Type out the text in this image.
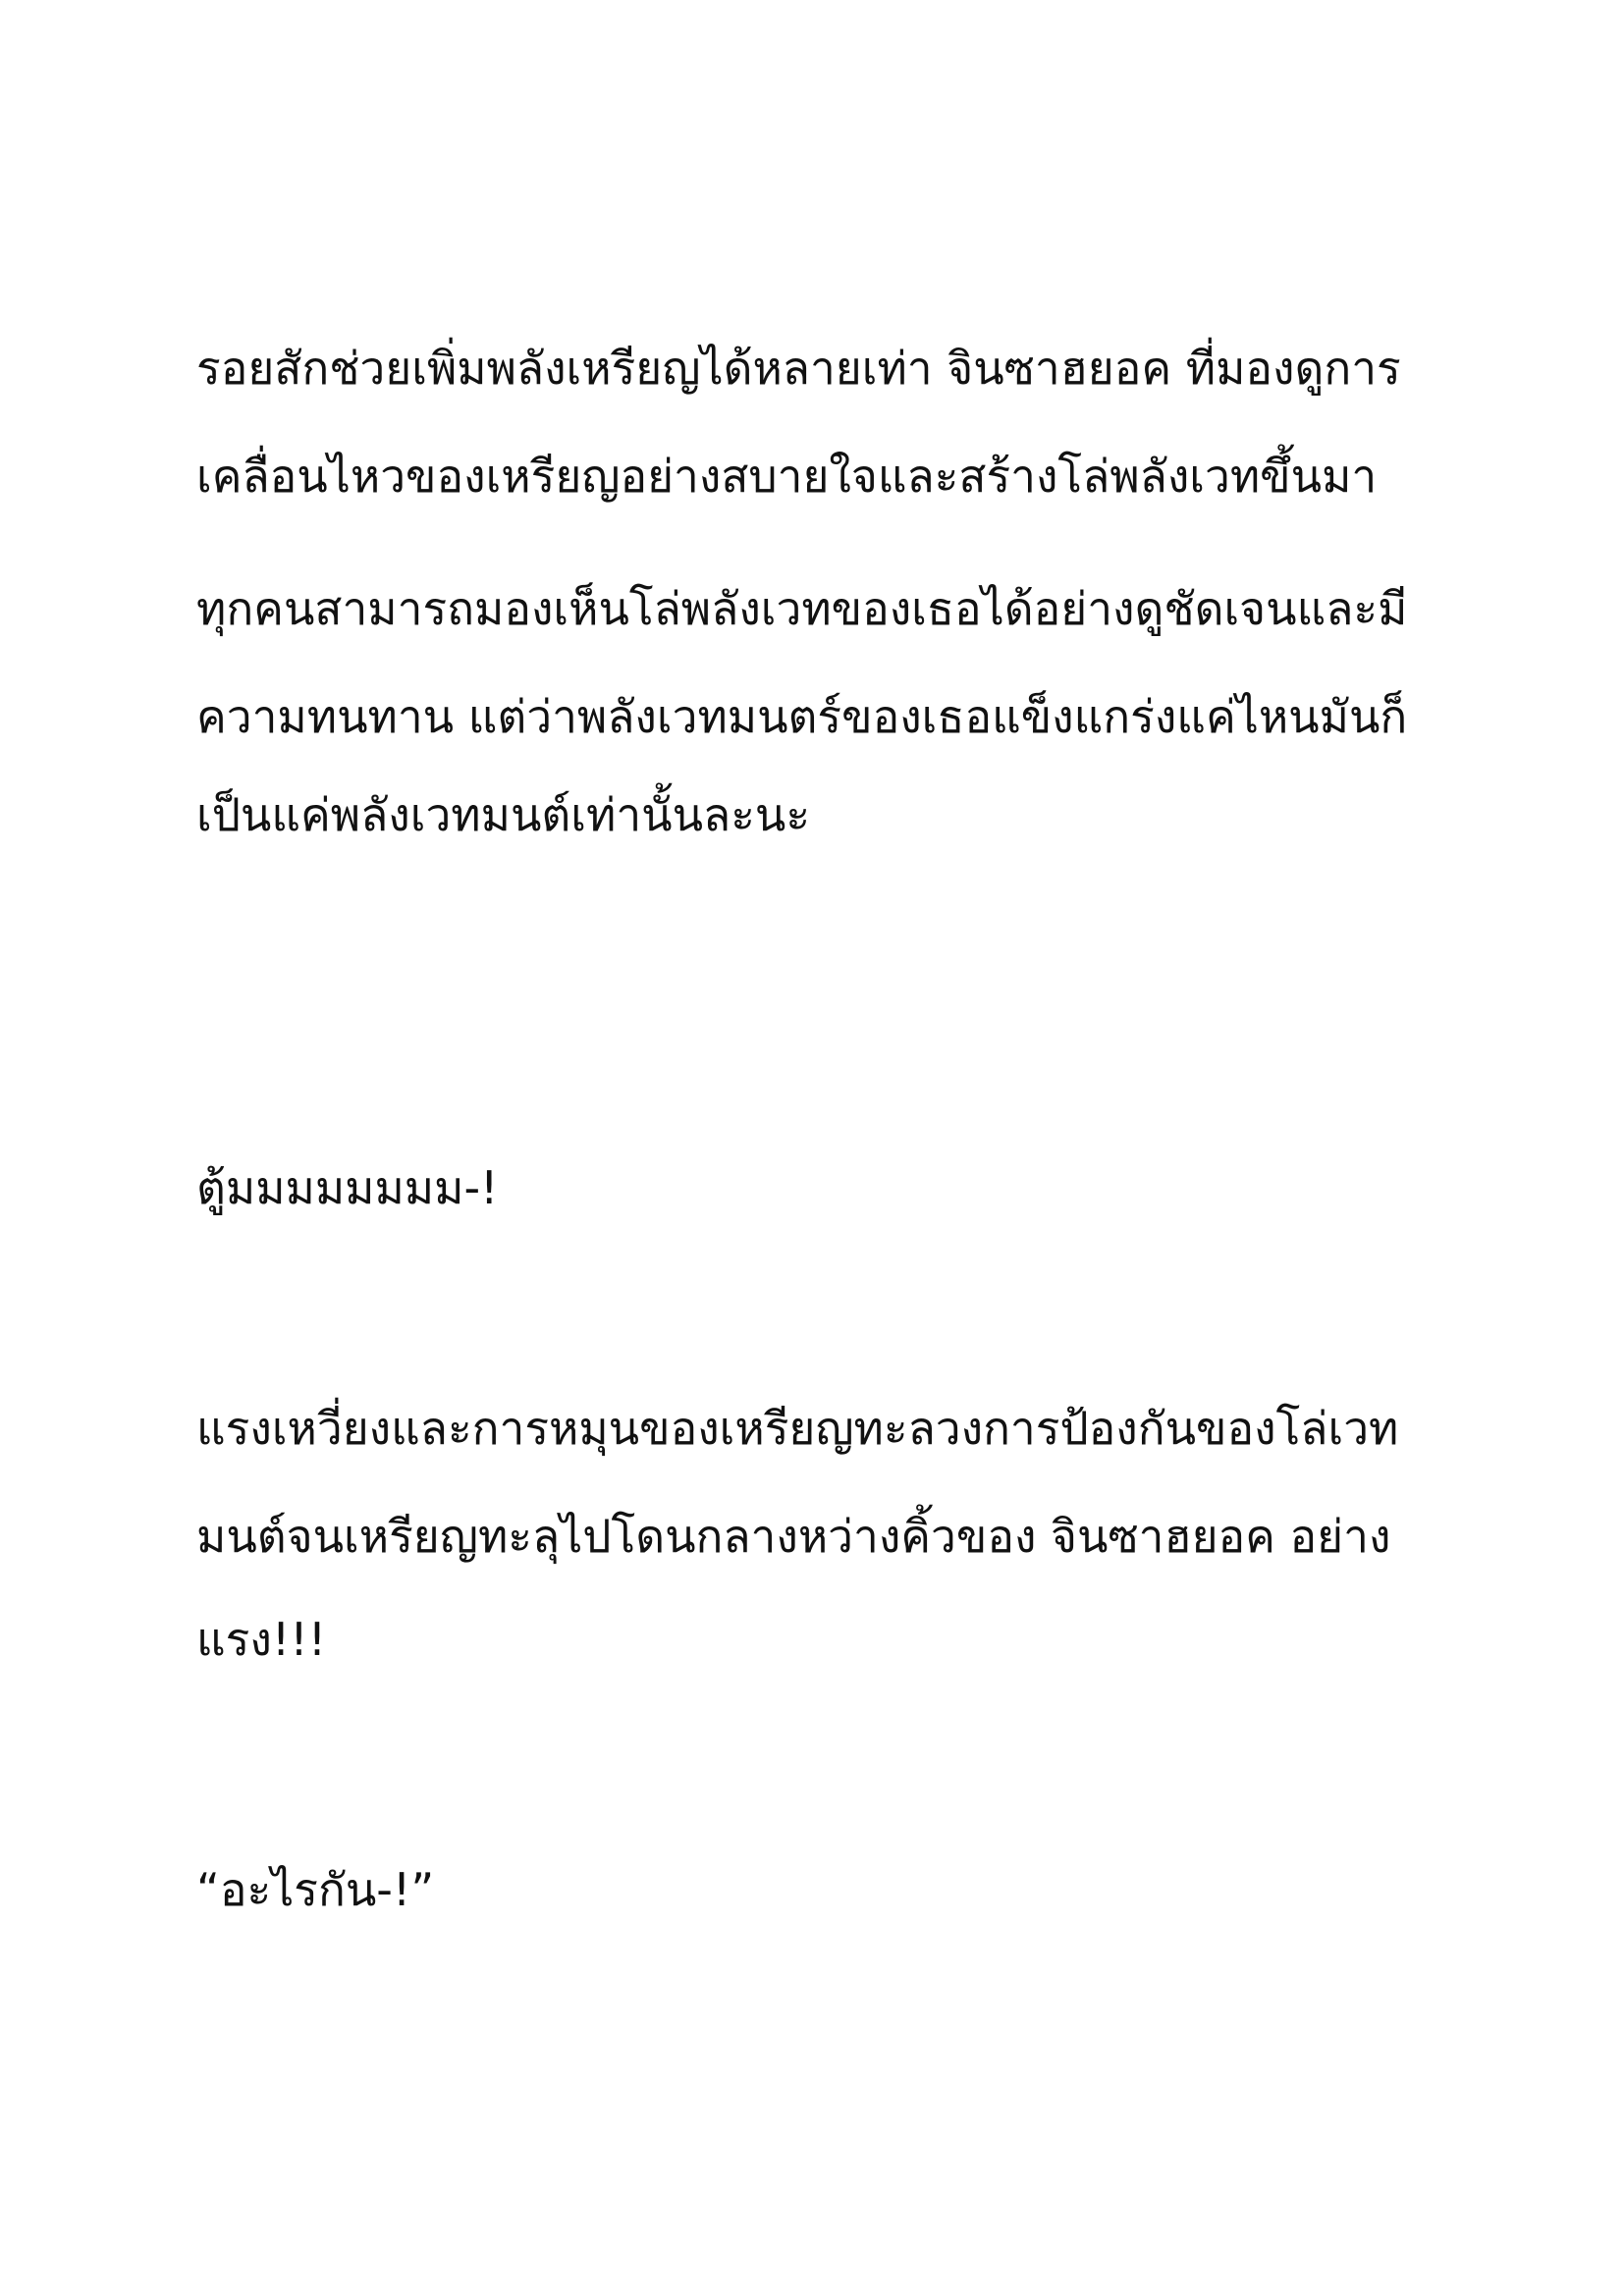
รอยสักช่วยเพิ่มพลังเหรียญได้หลายเท่า จินซาฮยอค ที่มองดูการ
เคลื่อนไหวของเหรียญอย่างสบายใจและสร้างโล่พลังเวทขึ้นมา
ทุกคนสามารถมองเห็นโล่พลังเวทของเธอได้อย่างดูชัดเจนและมี
ความทนทาน แต่ว่าพลังเวทมนตร์ของเธอแข็งแกร่งแค่ไหนมันก็
เป็นแค่พลังเวทมนต์เท่านั้นละนะ
ตู้มมมมมมมม-!
แรงเหวี่ยงและการหมุนของเหรียญทะลวงการป้องกันของโล่เวท
มนต์จนเหรียญทะลุไปโดนกลางหว่างคิ้วของ จินซาฮยอค อย่าง
แรง!!!
“อะไรกัน-!”
